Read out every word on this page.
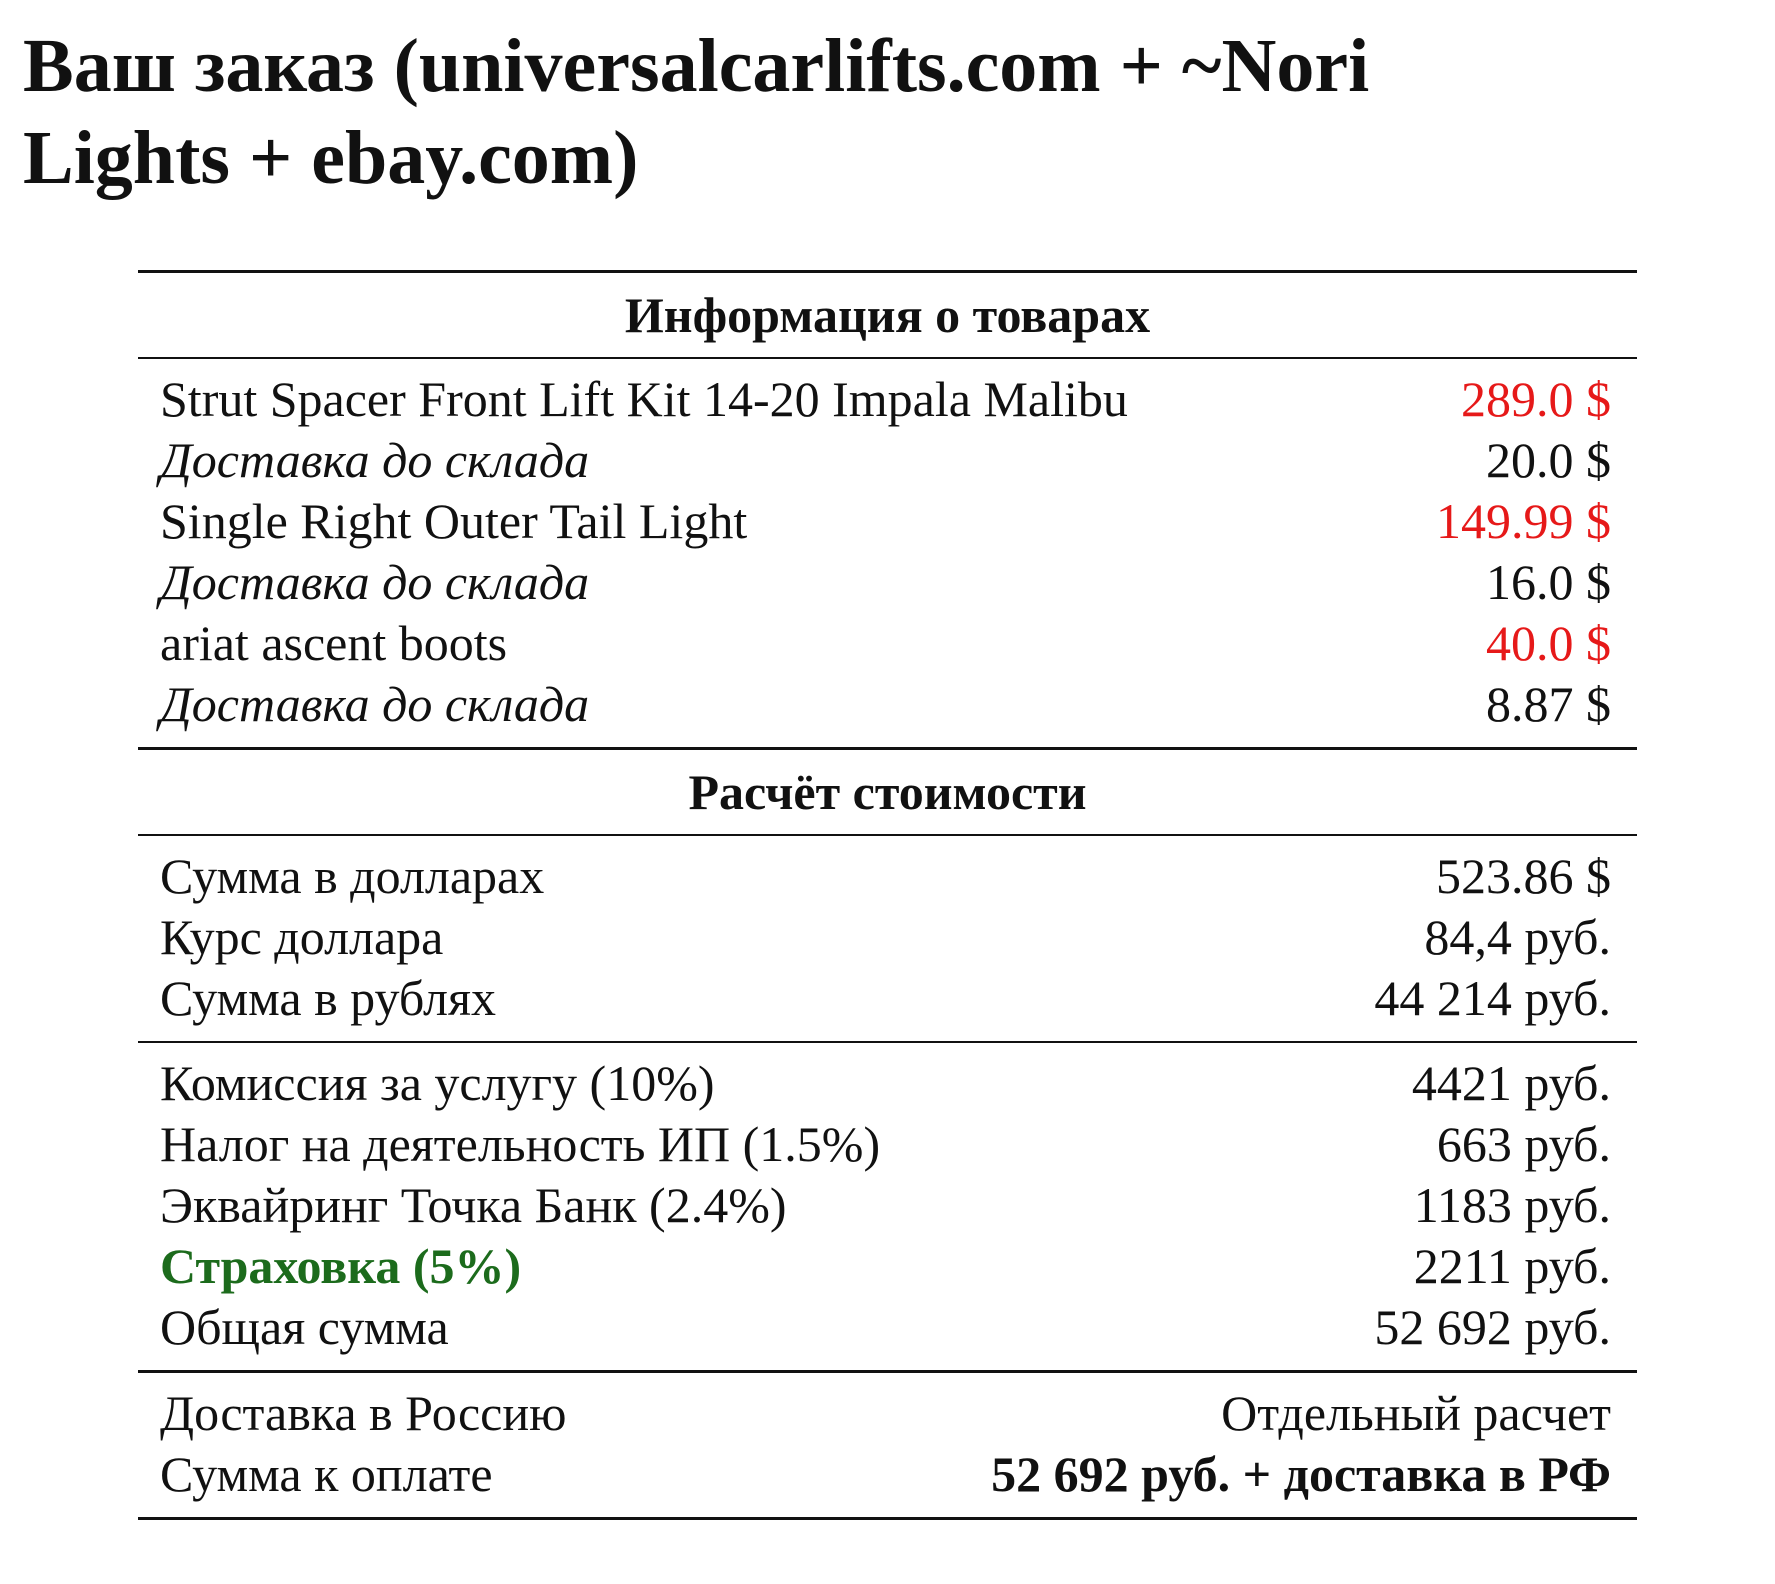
Ваш заказ (universalcarlifts.com + ~Nori Lights + ebay.com)
Информация о товарах
Strut Spacer Front Lift Kit 14-20 Impala Malibu	289.0 $
Доставка до склада	20.0 $
Single Right Outer Tail Light	149.99 $
Доставка до склада	16.0 $
ariat ascent boots	40.0 $
Доставка до склада	8.87 $
Расчёт стоимости
Сумма в долларах	523.86 $
Курс доллара	84,4 руб.
Сумма в рублях	44 214 руб.
Комиссия за услугу (10%)	4421 руб.
Налог на деятельность ИП (1.5%)	663 руб.
Эквайринг Точка Банк (2.4%)	1183 руб.
Страховка (5%)	2211 руб.
Общая сумма	52 692 руб.
Доставка в Россию	Отдельный расчет
Сумма к оплате	52 692 руб. + доставка в РФ
